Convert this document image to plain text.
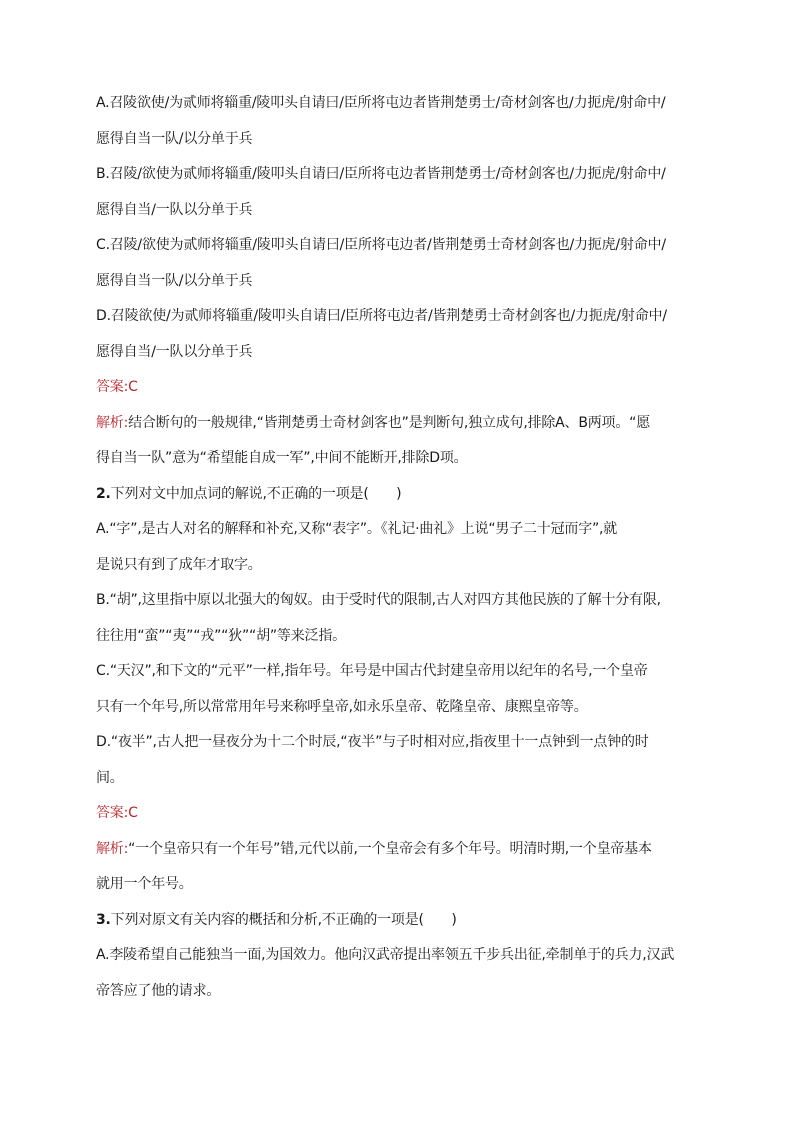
A.召陵欲使/为贰师将辎重/陵叩头自请曰/臣所将屯边者皆荆楚勇士/奇材剑客也/力扼虎/射命中/
愿得自当一队/以分单于兵
B.召陵/欲使为贰师将辎重/陵叩头自请曰/臣所将屯边者皆荆楚勇士/奇材剑客也/力扼虎/射命中/
愿得自当/一队以分单于兵
C.召陵/欲使为贰师将辎重/陵叩头自请曰/臣所将屯边者/皆荆楚勇士奇材剑客也/力扼虎/射命中/
愿得自当一队/以分单于兵
D.召陵欲使/为贰师将辎重/陵叩头自请曰/臣所将屯边者/皆荆楚勇士奇材剑客也/力扼虎/射命中/
愿得自当/一队以分单于兵
答案:C
解析:结合断句的一般规律,“皆荆楚勇士奇材剑客也”是判断句,独立成句,排除A、B两项。“愿
得自当一队”意为“希望能自成一军”,中间不能断开,排除D项。
2.下列对文中加点词的解说,不正确的一项是(　　)
A.“字”,是古人对名的解释和补充,又称“表字”。《礼记·曲礼》上说“男子二十冠而字”,就
是说只有到了成年才取字。
B.“胡”,这里指中原以北强大的匈奴。由于受时代的限制,古人对四方其他民族的了解十分有限,
往往用“蛮”“夷”“戎”“狄”“胡”等来泛指。
C.“天汉”,和下文的“元平”一样,指年号。年号是中国古代封建皇帝用以纪年的名号,一个皇帝
只有一个年号,所以常常用年号来称呼皇帝,如永乐皇帝、乾隆皇帝、康熙皇帝等。
D.“夜半”,古人把一昼夜分为十二个时辰,“夜半”与子时相对应,指夜里十一点钟到一点钟的时
间。
答案:C
解析:“一个皇帝只有一个年号”错,元代以前,一个皇帝会有多个年号。明清时期,一个皇帝基本
就用一个年号。
3.下列对原文有关内容的概括和分析,不正确的一项是(　　)
A.李陵希望自己能独当一面,为国效力。他向汉武帝提出率领五千步兵出征,牵制单于的兵力,汉武
帝答应了他的请求。
